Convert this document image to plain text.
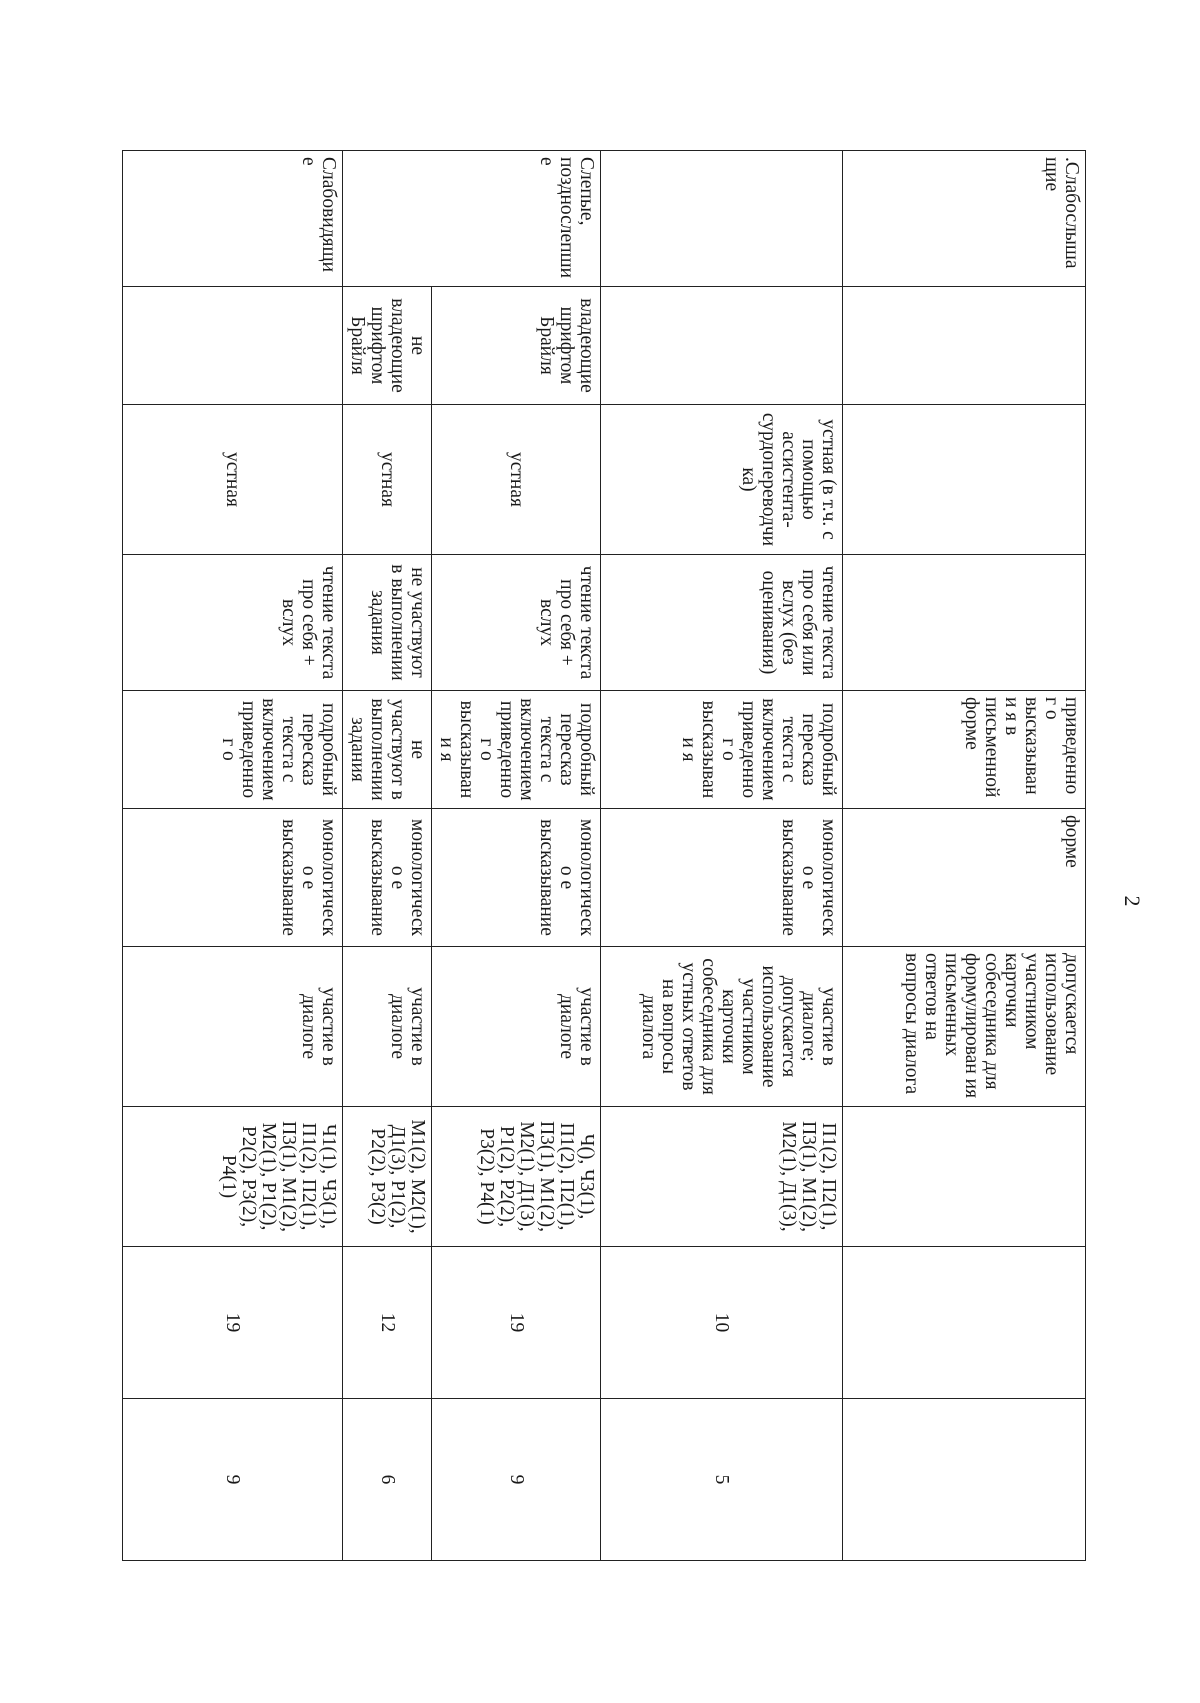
2
.Слабослышащие				приведенног о высказывани я в письменной форме	форме	допускается использование участником карточки собеседника для формулирован ия письменных ответов на вопросы диалога			
		устная (в т.ч. с помощью ассистента-сурдопереводчи ка)	чтение текста про себя или вслух (без оценивания)	подробный пересказ текста с включением приведенног о высказывани я	монологическо е высказывание	участие в диалоге; допускается использование участником карточки собеседника для устных ответов на вопросы диалога	П1(2), П2(1), П3(1), М1(2), М2(1), Д1(3),	10	5
Слепые, позднослепшие	владеющие шрифтом Брайля	устная	чтение текста про себя + вслух	подробный пересказ текста с включением приведенног о высказывани я	монологическо е высказывание	участие в диалоге	Ч(), Ч3(1), П1(2), П2(1), П3(1), М1(2), М2(1), Д1(3), Р1(2), Р2(2), Р3(2), Р4(1)	19	9
	не владеющие шрифтом Брайля	устная	не участвуют в выполнении задания	не участвуют в выполнении задания	монологическо е высказывание	участие в диалоге	М1(2), М2(1), Д1(3), Р1(2), Р2(2), Р3(2)	12	6
Слабовидящие		устная	чтение текста про себя + вслух	подробный пересказ текста с включением приведенног о	монологическо е высказывание	участие в диалоге	Ч1(1), Ч3(1), П1(2), П2(1), П3(1), М1(2), М2(1), Р1(2), Р2(2), Р3(2), Р4(1)	19	9
